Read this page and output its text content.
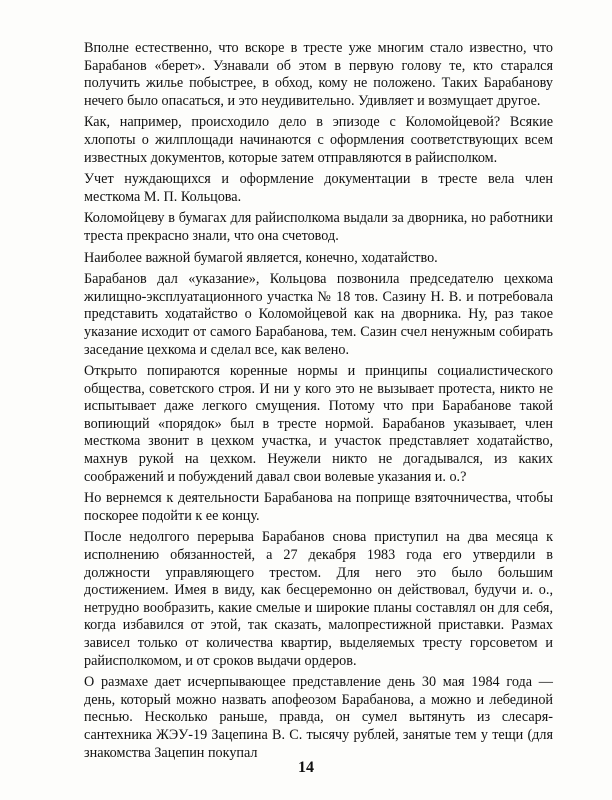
Вполне естественно, что вскоре в тресте уже многим стало известно, что Барабанов «берет». Узнавали об этом в первую голову те, кто старался получить жилье побыстрее, в обход, кому не положено. Таких Барабанову нечего было опасаться, и это неудивительно. Удивляет и возмущает другое.

Как, например, происходило дело в эпизоде с Коломойцевой? Всякие хлопоты о жилплощади начинаются с оформления соответствующих всем известных документов, которые затем отправляются в райисполком.

Учет нуждающихся и оформление документации в тресте вела член месткома М. П. Кольцова.

Коломойцеву в бумагах для райисполкома выдали за дворника, но работники треста прекрасно знали, что она счетовод.

Наиболее важной бумагой является, конечно, ходатайство.

Барабанов дал «указание», Кольцова позвонила председателю цехкома жилищно-эксплуатационного участка № 18 тов. Сазину Н. В. и потребовала представить ходатайство о Коломойцевой как на дворника. Ну, раз такое указание исходит от самого Барабанова, тем. Сазин счел ненужным собирать заседание цехкома и сделал все, как велено.

Открыто попираются коренные нормы и принципы социалистического общества, советского строя. И ни у кого это не вызывает протеста, никто не испытывает даже легкого смущения. Потому что при Барабанове такой вопиющий «порядок» был в тресте нормой. Барабанов указывает, член месткома звонит в цехком участка, и участок представляет ходатайство, махнув рукой на цехком. Неужели никто не догадывался, из каких соображений и побуждений давал свои волевые указания и. о.?

Но вернемся к деятельности Барабанова на поприще взяточничества, чтобы поскорее подойти к ее концу.

После недолгого перерыва Барабанов снова приступил на два месяца к исполнению обязанностей, а 27 декабря 1983 года его утвердили в должности управляющего трестом. Для него это было большим достижением. Имея в виду, как бесцеремонно он действовал, будучи и. о., нетрудно вообразить, какие смелые и широкие планы составлял он для себя, когда избавился от этой, так сказать, малопрестижной приставки. Размах зависел только от количества квартир, выделяемых тресту горсоветом и райисполкомом, и от сроков выдачи ордеров.

О размахе дает исчерпывающее представление день 30 мая 1984 года — день, который можно назвать апофеозом Барабанова, а можно и лебединой песнью. Несколько раньше, правда, он сумел вытянуть из слесаря-сантехника ЖЭУ-19 Зацепина В. С. тысячу рублей, занятые тем у тещи (для знакомства Зацепин покупал

14
